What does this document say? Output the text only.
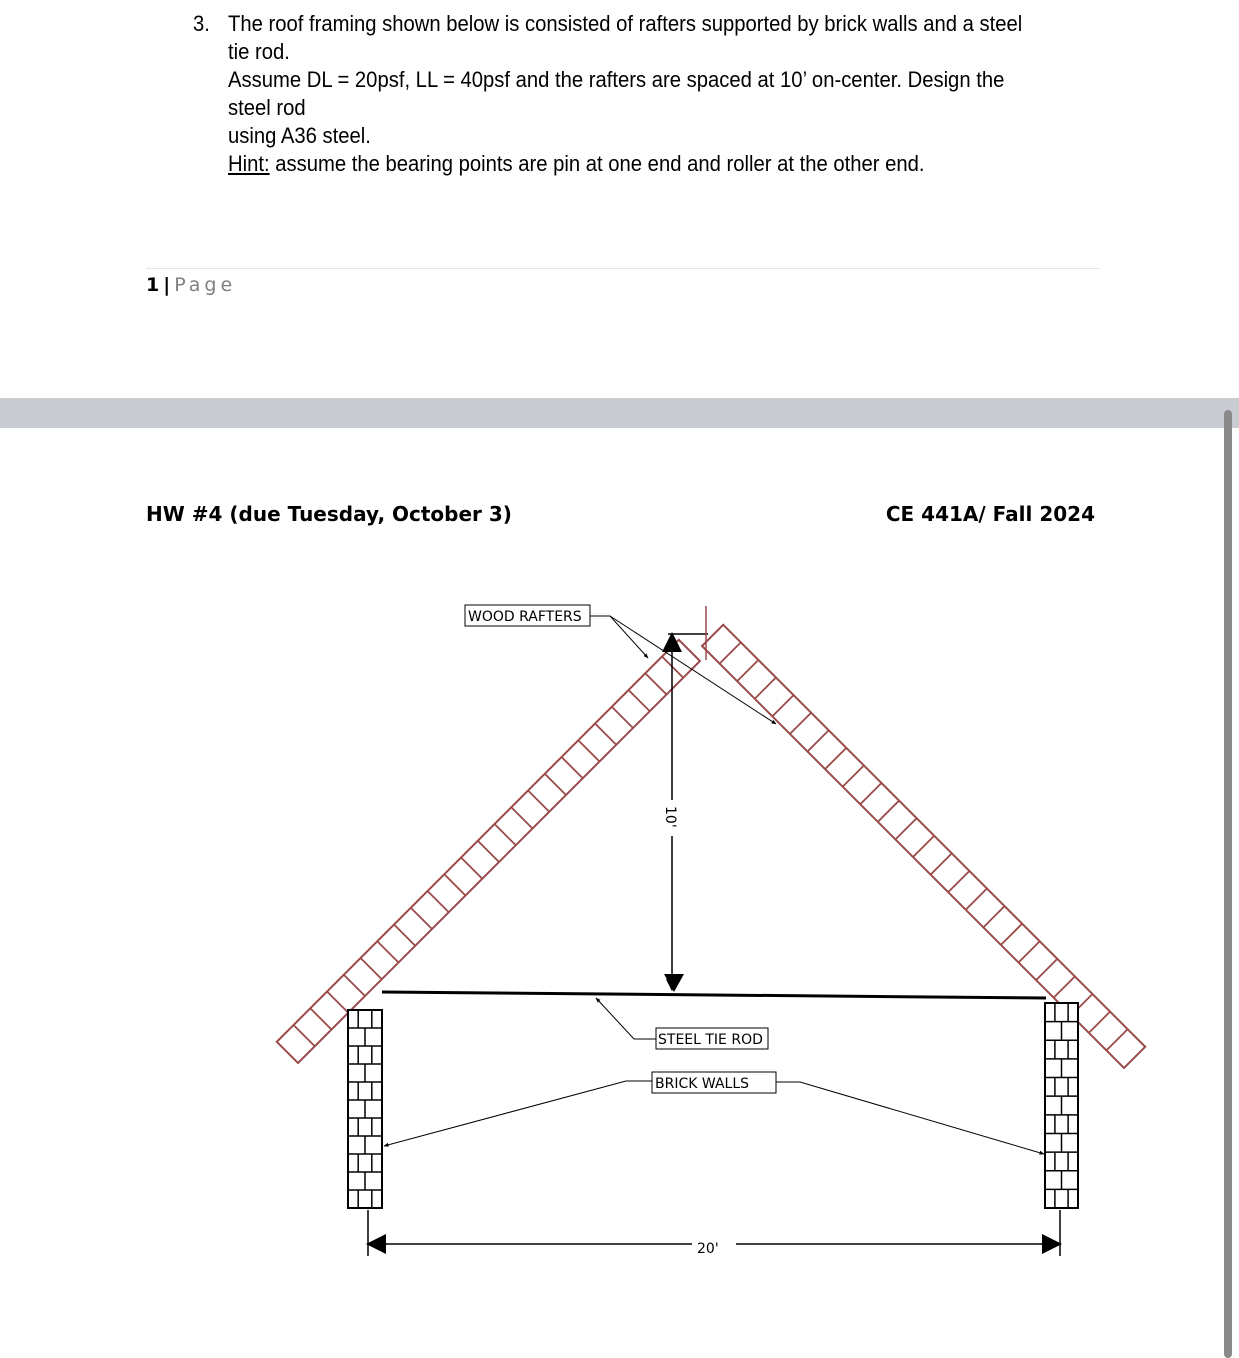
3. The roof framing shown below is consisted of rafters supported by brick walls and a steel tie rod.

Assume DL = 20psf, LL = 40psf and the rafters are spaced at 10’ on-center. Design the steel rod

using A36 steel.

Hint: assume the bearing points are pin at one end and roller at the other end.

1 | Page
HW #4 (due Tuesday, October 3)	CE 441A/ Fall 2024
10'
20'
WOOD RAFTERS
STEEL TIE ROD
BRICK WALLS
